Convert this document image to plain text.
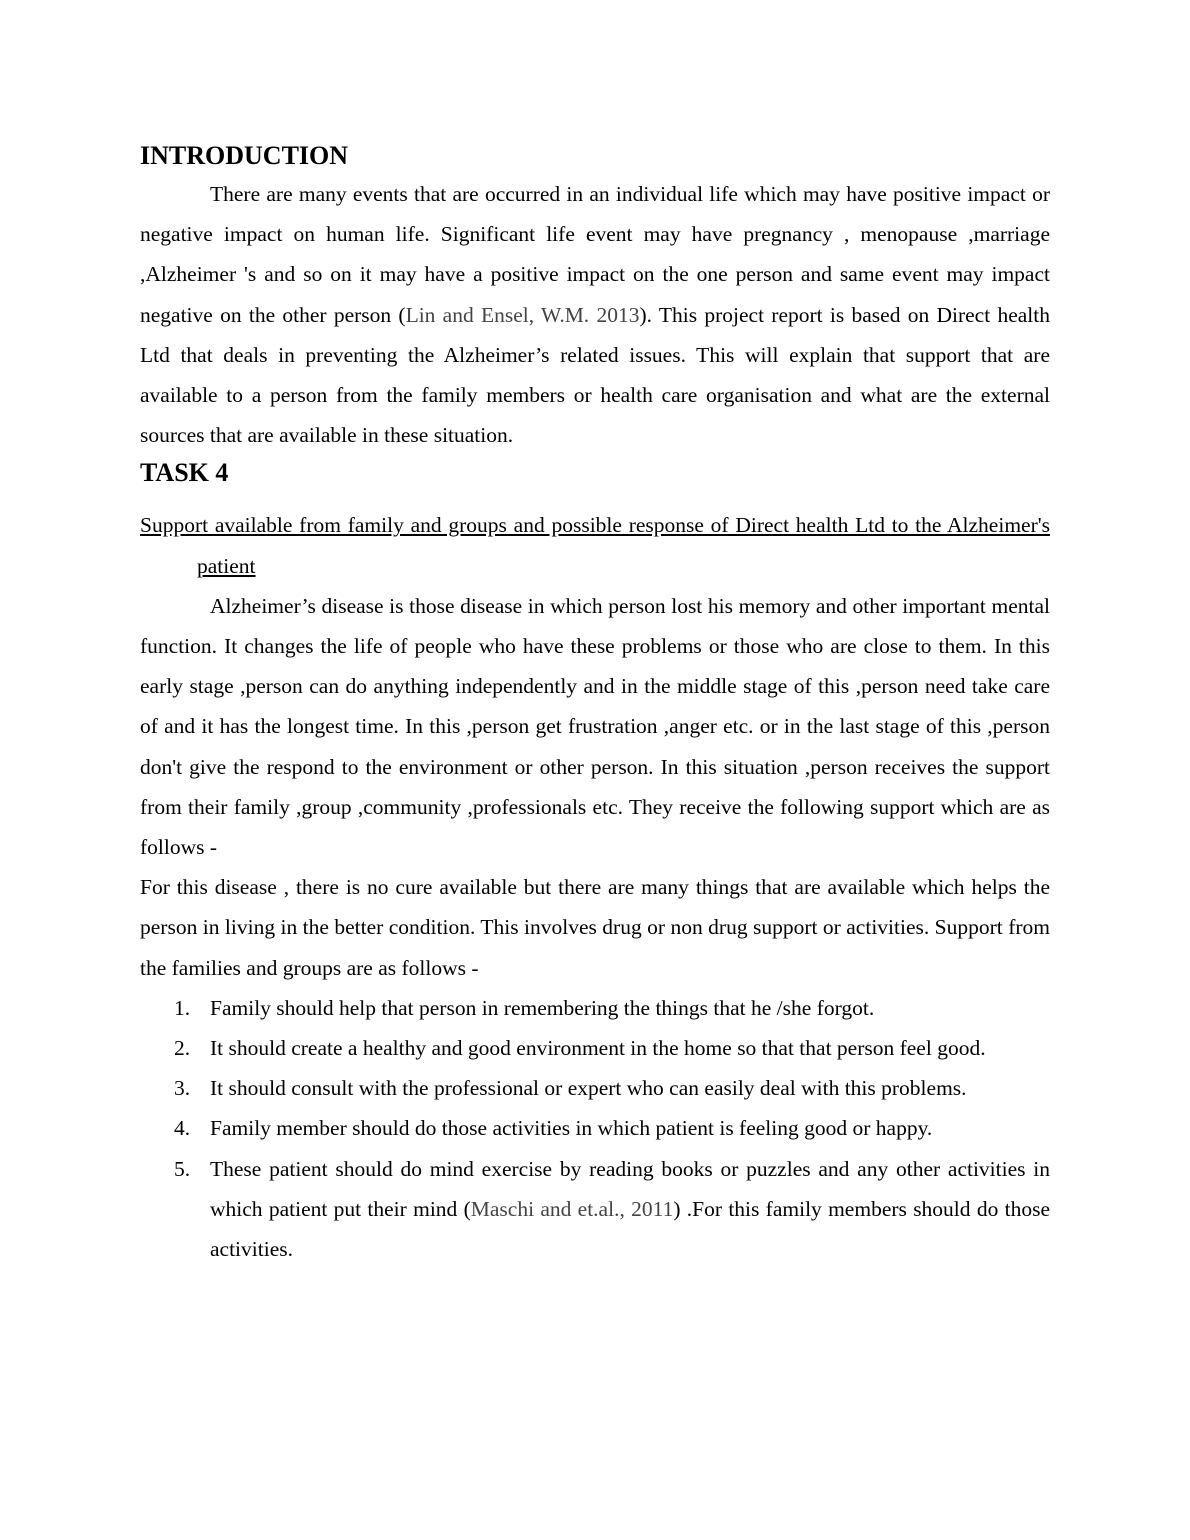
INTRODUCTION

There are many events that are occurred in an individual life which may have positive impact or negative impact on human life. Significant life event may have pregnancy , menopause ,marriage ,Alzheimer 's and so on it may have a positive impact on the one person and same event may impact negative on the other person (Lin and Ensel, W.M. 2013). This project report is based on Direct health Ltd that deals in preventing the Alzheimer’s related issues. This will explain that support that are available to a person from the family members or health care organisation and what are the external sources that are available in these situation.

TASK 4

Support available from family and groups and possible response of Direct health Ltd to the Alzheimer's patient

Alzheimer’s disease is those disease in which person lost his memory and other important mental function. It changes the life of people who have these problems or those who are close to them. In this early stage ,person can do anything independently and in the middle stage of this ,person need take care of and it has the longest time. In this ,person get frustration ,anger etc. or in the last stage of this ,person don't give the respond to the environment or other person. In this situation ,person receives the support from their family ,group ,community ,professionals etc. They receive the following support which are as follows -

For this disease , there is no cure available but there are many things that are available which helps the person in living in the better condition. This involves drug or non drug support or activities. Support from the families and groups are as follows -

1. Family should help that person in remembering the things that he /she forgot.
2. It should create a healthy and good environment in the home so that that person feel good.
3. It should consult with the professional or expert who can easily deal with this problems.
4. Family member should do those activities in which patient is feeling good or happy.
5. These patient should do mind exercise by reading books or puzzles and any other activities in which patient put their mind (Maschi and et.al., 2011) .For this family members should do those activities.
